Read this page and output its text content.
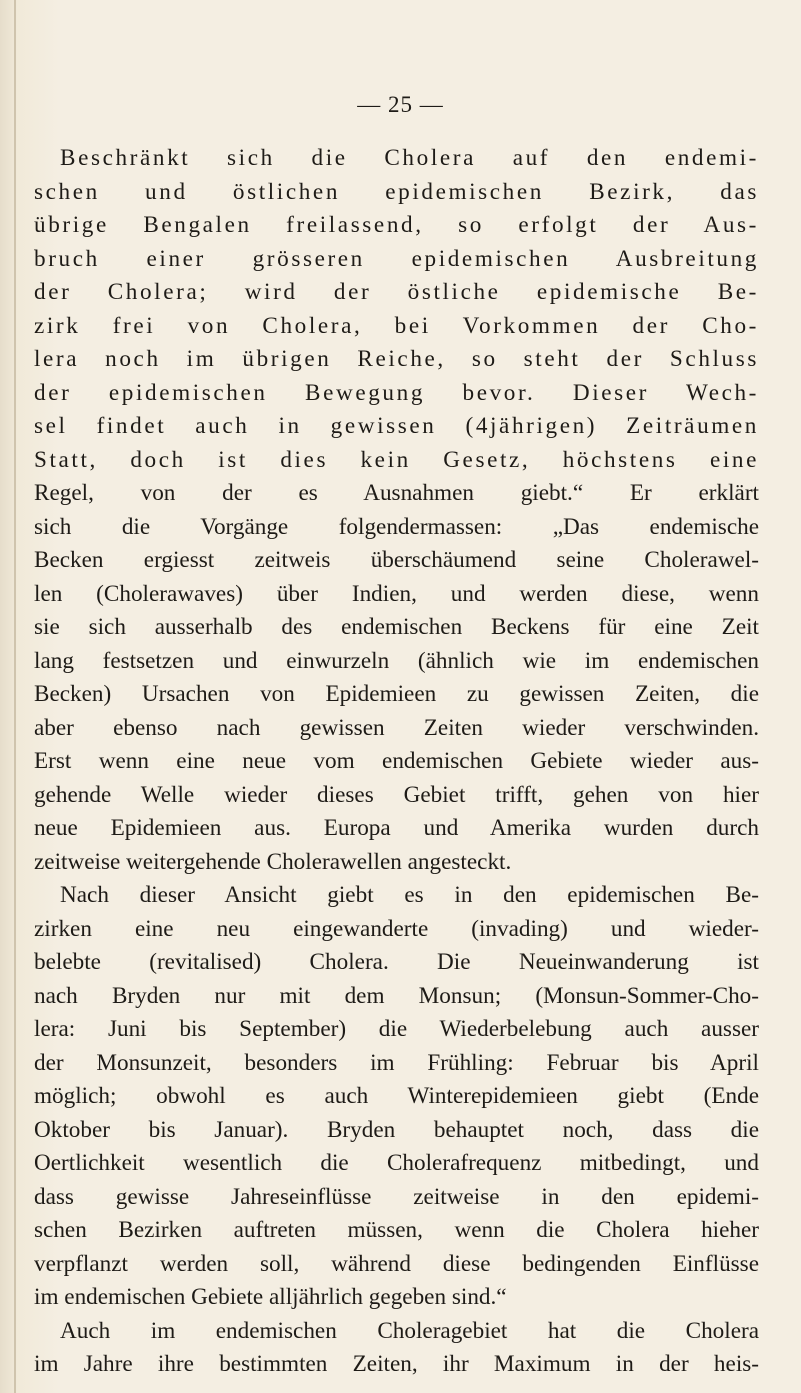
— 25 —
Beschränkt sich die Cholera auf den endemi-
schen und östlichen epidemischen Bezirk, das
übrige Bengalen freilassend, so erfolgt der Aus-
bruch einer grösseren epidemischen Ausbreitung
der Cholera; wird der östliche epidemische Be-
zirk frei von Cholera, bei Vorkommen der Cho-
lera noch im übrigen Reiche, so steht der Schluss
der epidemischen Bewegung bevor. Dieser Wech-
sel findet auch in gewissen (4jährigen) Zeiträumen
Statt, doch ist dies kein Gesetz, höchstens eine
Regel, von der es Ausnahmen giebt.“ Er erklärt
sich die Vorgänge folgendermassen: „Das endemische
Becken ergiesst zeitweis überschäumend seine Cholerawel-
len (Cholerawaves) über Indien, und werden diese, wenn
sie sich ausserhalb des endemischen Beckens für eine Zeit
lang festsetzen und einwurzeln (ähnlich wie im endemischen
Becken) Ursachen von Epidemieen zu gewissen Zeiten, die
aber ebenso nach gewissen Zeiten wieder verschwinden.
Erst wenn eine neue vom endemischen Gebiete wieder aus-
gehende Welle wieder dieses Gebiet trifft, gehen von hier
neue Epidemieen aus. Europa und Amerika wurden durch
zeitweise weitergehende Cholerawellen angesteckt.
Nach dieser Ansicht giebt es in den epidemischen Be-
zirken eine neu eingewanderte (invading) und wieder-
belebte (revitalised) Cholera. Die Neueinwanderung ist
nach Bryden nur mit dem Monsun; (Monsun-Sommer-Cho-
lera: Juni bis September) die Wiederbelebung auch ausser
der Monsunzeit, besonders im Frühling: Februar bis April
möglich; obwohl es auch Winterepidemieen giebt (Ende
Oktober bis Januar). Bryden behauptet noch, dass die
Oertlichkeit wesentlich die Cholerafrequenz mitbedingt, und
dass gewisse Jahreseinflüsse zeitweise in den epidemi-
schen Bezirken auftreten müssen, wenn die Cholera hieher
verpflanzt werden soll, während diese bedingenden Einflüsse
im endemischen Gebiete alljährlich gegeben sind.“
Auch im endemischen Choleragebiet hat die Cholera
im Jahre ihre bestimmten Zeiten, ihr Maximum in der heis-
